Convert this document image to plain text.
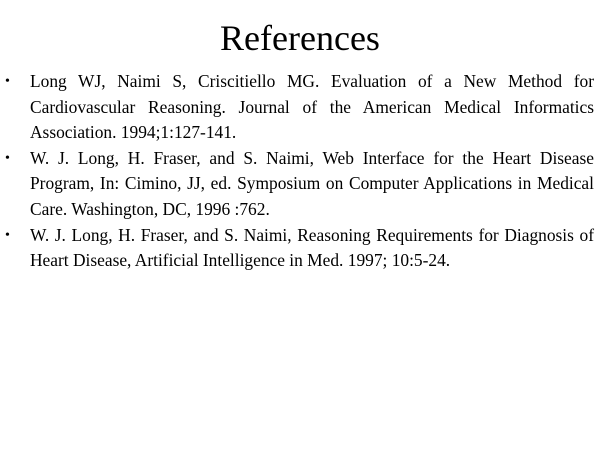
References
• Long WJ, Naimi S, Criscitiello MG. Evaluation of a New Method for Cardiovascular Reasoning. Journal of the American Medical Informatics Association. 1994;1:127-141.
• W. J. Long, H. Fraser, and S. Naimi, Web Interface for the Heart Disease Program, In: Cimino, JJ, ed. Symposium on Computer Applications in Medical Care. Washington, DC, 1996 :762.
• W. J. Long, H. Fraser, and S. Naimi, Reasoning Requirements for Diagnosis of Heart Disease, Artificial Intelligence in Med. 1997; 10:5-24.
